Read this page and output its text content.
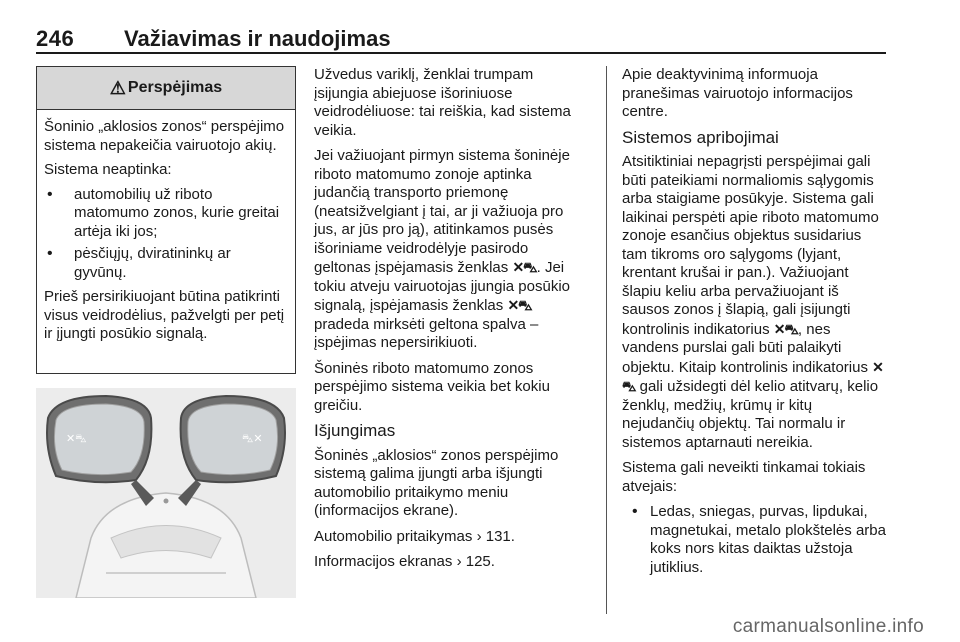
246 Važiavimas ir naudojimas
⚠ Perspėjimas

Šoninio „aklosios zonos“ perspėjimo sistema nepakeičia vairuotojo akių.

Sistema neaptinka:

• automobilių už riboto matomumo zonos, kurie greitai artėja iki jos;
• pėsčiųjų, dviratininkų ar gyvūnų.

Prieš persirikiuojant būtina patikrinti visus veidrodėlius, pažvelgti per petį ir įjungti posūkio signalą.

✕⛍	⛍✕

Užvedus variklį, ženklai trumpam įsijungia abiejuose išoriniuose veidrodėliuose: tai reiškia, kad sistema veikia.

Jei važiuojant pirmyn sistema šoninėje riboto matomumo zonoje aptinka judančią transporto priemonę (neatsižvelgiant į tai, ar ji važiuoja pro jus, ar jūs pro ją), atitinkamos pusės išoriniame veidrodėlyje pasirodo geltonas įspėjamasis ženklas ✕⛍. Jei tokiu atveju vairuotojas įjungia posūkio signalą, įspėjamasis ženklas ✕⛍ pradeda mirksėti geltona spalva – įspėjimas nepersirikiuoti.

Šoninės riboto matomumo zonos perspėjimo sistema veikia bet kokiu greičiu.

Išjungimas

Šoninės „aklosios“ zonos perspėjimo sistemą galima įjungti arba išjungti automobilio pritaikymo meniu (informacijos ekrane).

Automobilio pritaikymas › 131.

Informacijos ekranas › 125.

Apie deaktyvinimą informuoja pranešimas vairuotojo informacijos centre.

Sistemos apribojimai

Atsitiktiniai nepagrįsti perspėjimai gali būti pateikiami normaliomis sąlygomis arba staigiame posūkyje. Sistema gali laikinai perspėti apie riboto matomumo zonoje esančius objektus susidarius tam tikroms oro sąlygoms (lyjant, krentant krušai ir pan.). Važiuojant šlapiu keliu arba pervažiuojant iš sausos zonos į šlapią, gali įsijungti kontrolinis indikatorius ✕⛍, nes vandens purslai gali būti palaikyti objektu. Kitaip kontrolinis indikatorius ✕⛍ gali užsidegti dėl kelio atitvarų, kelio ženklų, medžių, krūmų ir kitų nejudančių objektų. Tai normalu ir sistemos aptarnauti nereikia.

Sistema gali neveikti tinkamai tokiais atvejais:

• Ledas, sniegas, purvas, lipdukai, magnetukai, metalo plokštelės arba koks nors kitas daiktas užstoja jutiklius.
carmanualsonline.info
